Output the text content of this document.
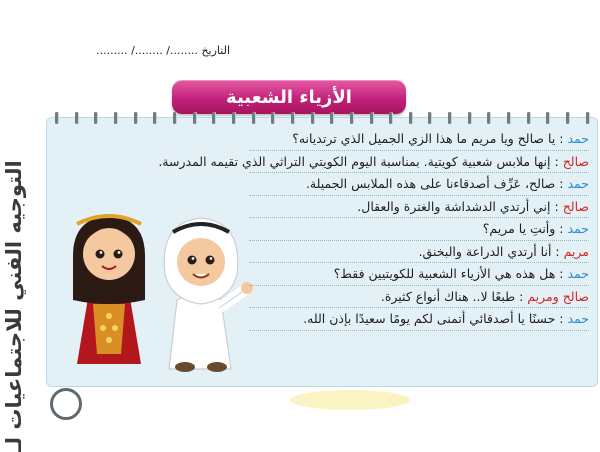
التاريخ ......../ ......../ .........
الأزياء الشعبية
حمد : يا صالح ويا مريم ما هذا الزي الجميل الذي ترتديانه؟
صالح : إنها ملابس شعبية كويتية. بمناسبة اليوم الكويتي التراثي الذي تقيمه المدرسة.
حمد : صالح، عَرِّف أصدقاءنا على هذه الملابس الجميلة.
صالح : إني أرتدي الدشداشة والغترة والعقال.
حمد : وأنتِ يا مريم؟
مريم : أنا أرتدي الدراعة والبخنق.
حمد : هل هذه هي الأزياء الشعبية للكويتيين فقط؟
صالح ومريم : طبعًا لا.. هناك أنواع كثيرة.
حمد : حسنًا يا أصدقائي أتمنى لكم يومًا سعيدًا بإذن الله.
التوجيه الفني للاجتماعيات لـ
